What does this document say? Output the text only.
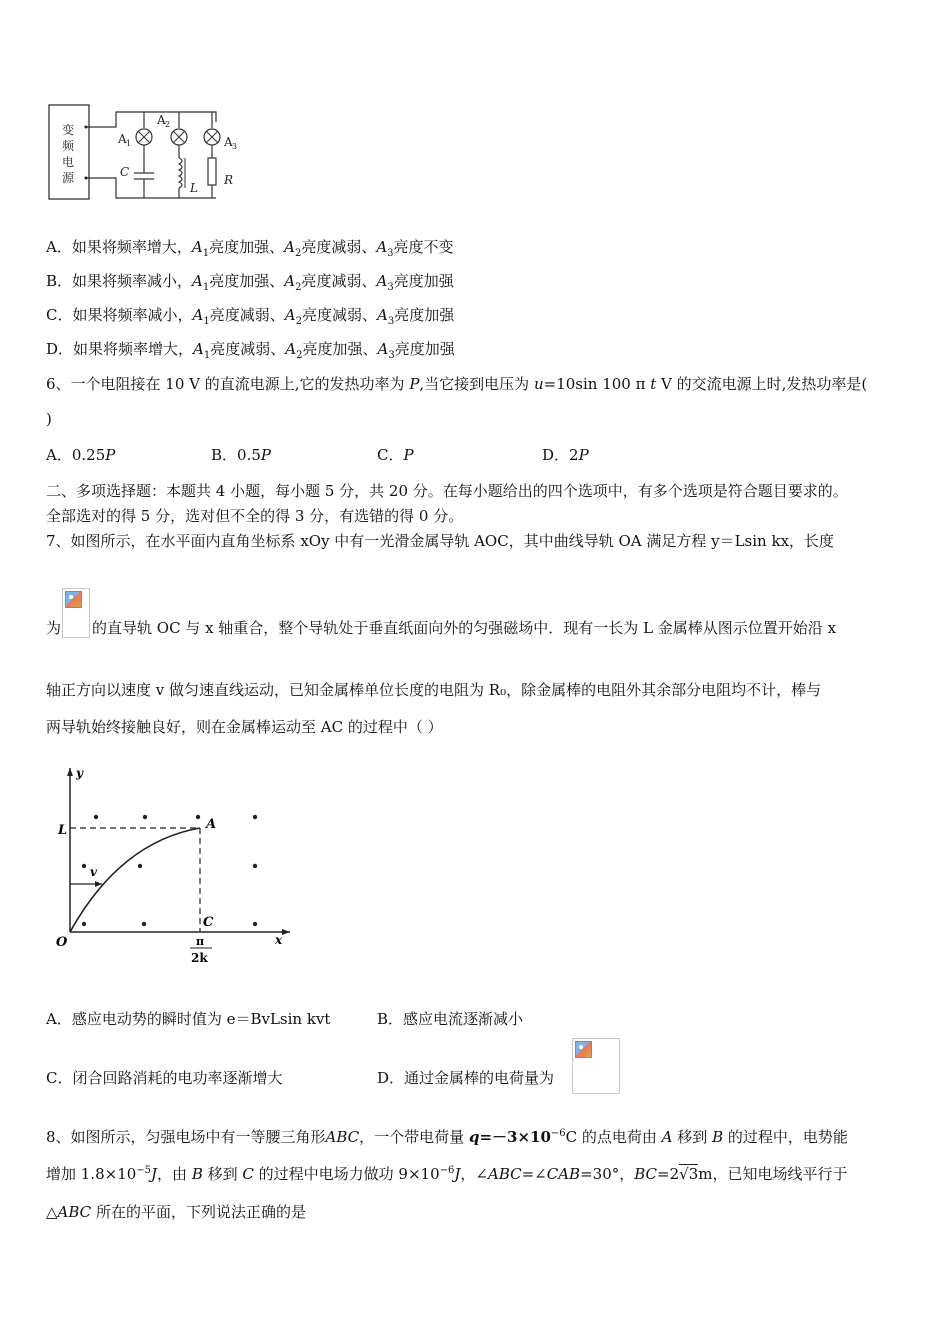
变
频
电
源
A 1
A 2
A 3
C
L
R
A．如果将频率增大，$A_1$亮度加强、$A_2$亮度减弱、$A_3$亮度不变
B．如果将频率减小，$A_1$亮度加强、$A_2$亮度减弱、$A_3$亮度加强
C．如果将频率减小，$A_1$亮度减弱、$A_2$亮度减弱、$A_3$亮度加强
D．如果将频率增大，$A_1$亮度减弱、$A_2$亮度加强、$A_3$亮度加强
6、一个电阻接在 10 V 的直流电源上,它的发热功率为 P,当它接到电压为 u=10sin 100 π t V 的交流电源上时,发热功率是(
)
A．0.25P	B．0.5P	C．P	D．2P
二、多项选择题：本题共 4 小题，每小题 5 分，共 20 分。在每小题给出的四个选项中，有多个选项是符合题目要求的。
全部选对的得 5 分，选对但不全的得 3 分，有选错的得 0 分。
7、如图所示，在水平面内直角坐标系 xOy 中有一光滑金属导轨 AOC，其中曲线导轨 OA 满足方程 y＝Lsin kx，长度
为 的直导轨 OC 与 x 轴重合，整个导轨处于垂直纸面向外的匀强磁场中．现有一长为 L 金属棒从图示位置开始沿 x
轴正方向以速度 v 做匀速直线运动，已知金属棒单位长度的电阻为 R₀，除金属棒的电阻外其余部分电阻均不计，棒与
两导轨始终接触良好，则在金属棒运动至 AC 的过程中（ ）
y
x
O
L	A
C
v
π
2k
A．感应电动势的瞬时值为 e＝BvLsin kvt	B．感应电流逐渐减小
C．闭合回路消耗的电功率逐渐增大	D．通过金属棒的电荷量为
8、如图所示，匀强电场中有一等腰三角形ABC，一个带电荷量 $q=-3\times 10^{-6}C$ 的点电荷由 A 移到 B 的过程中，电势能
增加 $1.8\times 10^{-5}J$，由 B 移到 C 的过程中电场力做功 $9\times 10^{-6}J$，∠ABC=∠CAB=30°，BC=2√3m，已知电场线平行于
△ABC 所在的平面，下列说法正确的是
